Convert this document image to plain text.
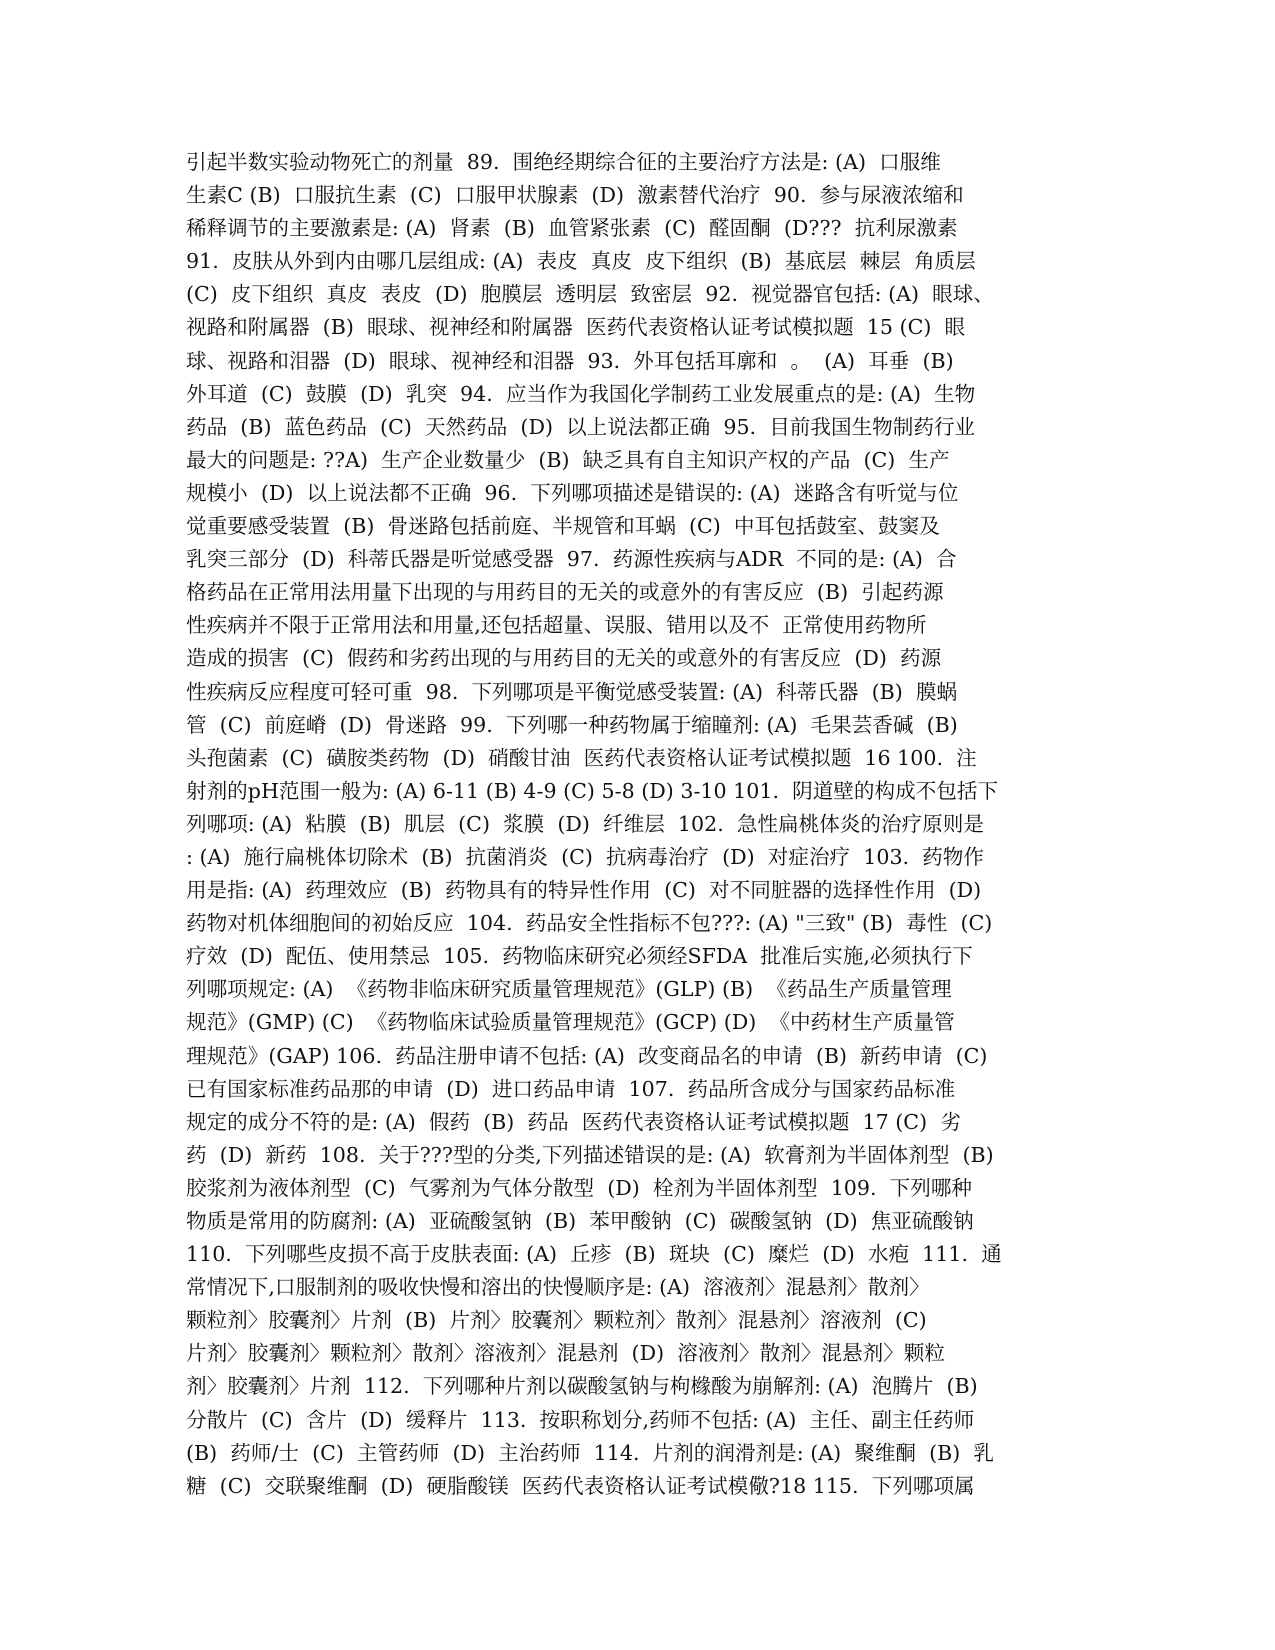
引起半数实验动物死亡的剂量  89.  围绝经期综合征的主要治疗方法是: (A)  口服维
生素C (B)  口服抗生素  (C)  口服甲状腺素  (D)  激素替代治疗  90.  参与尿液浓缩和
稀释调节的主要激素是: (A)  肾素  (B)  血管紧张素  (C)  醛固酮  (D???  抗利尿激素
91.  皮肤从外到内由哪几层组成: (A)  表皮  真皮  皮下组织  (B)  基底层  棘层  角质层
(C)  皮下组织  真皮  表皮  (D)  胞膜层  透明层  致密层  92.  视觉器官包括: (A)  眼球、
视路和附属器  (B)  眼球、视神经和附属器  医药代表资格认证考试模拟题  15 (C)  眼
球、视路和泪器  (D)  眼球、视神经和泪器  93.  外耳包括耳廓和  。  (A)  耳垂  (B)
外耳道  (C)  鼓膜  (D)  乳突  94.  应当作为我国化学制药工业发展重点的是: (A)  生物
药品  (B)  蓝色药品  (C)  天然药品  (D)  以上说法都正确  95.  目前我国生物制药行业
最大的问题是: ??A)  生产企业数量少  (B)  缺乏具有自主知识产权的产品  (C)  生产
规模小  (D)  以上说法都不正确  96.  下列哪项描述是错误的: (A)  迷路含有听觉与位
觉重要感受装置  (B)  骨迷路包括前庭、半规管和耳蜗  (C)  中耳包括鼓室、鼓窦及
乳突三部分  (D)  科蒂氏器是听觉感受器  97.  药源性疾病与ADR  不同的是: (A)  合
格药品在正常用法用量下出现的与用药目的无关的或意外的有害反应  (B)  引起药源
性疾病并不限于正常用法和用量,还包括超量、误服、错用以及不  正常使用药物所
造成的损害  (C)  假药和劣药出现的与用药目的无关的或意外的有害反应  (D)  药源
性疾病反应程度可轻可重  98.  下列哪项是平衡觉感受装置: (A)  科蒂氏器  (B)  膜蜗
管  (C)  前庭嵴  (D)  骨迷路  99.  下列哪一种药物属于缩瞳剂: (A)  毛果芸香碱  (B)
头孢菌素  (C)  磺胺类药物  (D)  硝酸甘油  医药代表资格认证考试模拟题  16 100.  注
射剂的pH范围一般为: (A) 6-11 (B) 4-9 (C) 5-8 (D) 3-10 101.  阴道壁的构成不包括下
列哪项: (A)  粘膜  (B)  肌层  (C)  浆膜  (D)  纤维层  102.  急性扁桃体炎的治疗原则是
: (A)  施行扁桃体切除术  (B)  抗菌消炎  (C)  抗病毒治疗  (D)  对症治疗  103.  药物作
用是指: (A)  药理效应  (B)  药物具有的特异性作用  (C)  对不同脏器的选择性作用  (D)
药物对机体细胞间的初始反应  104.  药品安全性指标不包???: (A) "三致" (B)  毒性  (C)
疗效  (D)  配伍、使用禁忌  105.  药物临床研究必须经SFDA  批准后实施,必须执行下
列哪项规定: (A)  《药物非临床研究质量管理规范》(GLP) (B)  《药品生产质量管理
规范》(GMP) (C)  《药物临床试验质量管理规范》(GCP) (D)  《中药材生产质量管
理规范》(GAP) 106.  药品注册申请不包括: (A)  改变商品名的申请  (B)  新药申请  (C)
已有国家标准药品那的申请  (D)  进口药品申请  107.  药品所含成分与国家药品标准
规定的成分不符的是: (A)  假药  (B)  药品  医药代表资格认证考试模拟题  17 (C)  劣
药  (D)  新药  108.  关于???型的分类,下列描述错误的是: (A)  软膏剂为半固体剂型  (B)
胶浆剂为液体剂型  (C)  气雾剂为气体分散型  (D)  栓剂为半固体剂型  109.  下列哪种
物质是常用的防腐剂: (A)  亚硫酸氢钠  (B)  苯甲酸钠  (C)  碳酸氢钠  (D)  焦亚硫酸钠
110.  下列哪些皮损不高于皮肤表面: (A)  丘疹  (B)  斑块  (C)  糜烂  (D)  水疱  111.  通
常情况下,口服制剂的吸收快慢和溶出的快慢顺序是: (A)  溶液剂〉混悬剂〉散剂〉
颗粒剂〉胶囊剂〉片剂  (B)  片剂〉胶囊剂〉颗粒剂〉散剂〉混悬剂〉溶液剂  (C)
片剂〉胶囊剂〉颗粒剂〉散剂〉溶液剂〉混悬剂  (D)  溶液剂〉散剂〉混悬剂〉颗粒
剂〉胶囊剂〉片剂  112.  下列哪种片剂以碳酸氢钠与枸橼酸为崩解剂: (A)  泡腾片  (B)
分散片  (C)  含片  (D)  缓释片  113.  按职称划分,药师不包括: (A)  主任、副主任药师
(B)  药师/士  (C)  主管药师  (D)  主治药师  114.  片剂的润滑剂是: (A)  聚维酮  (B)  乳
糖  (C)  交联聚维酮  (D)  硬脂酸镁  医药代表资格认证考试模儆?18 115.  下列哪项属
